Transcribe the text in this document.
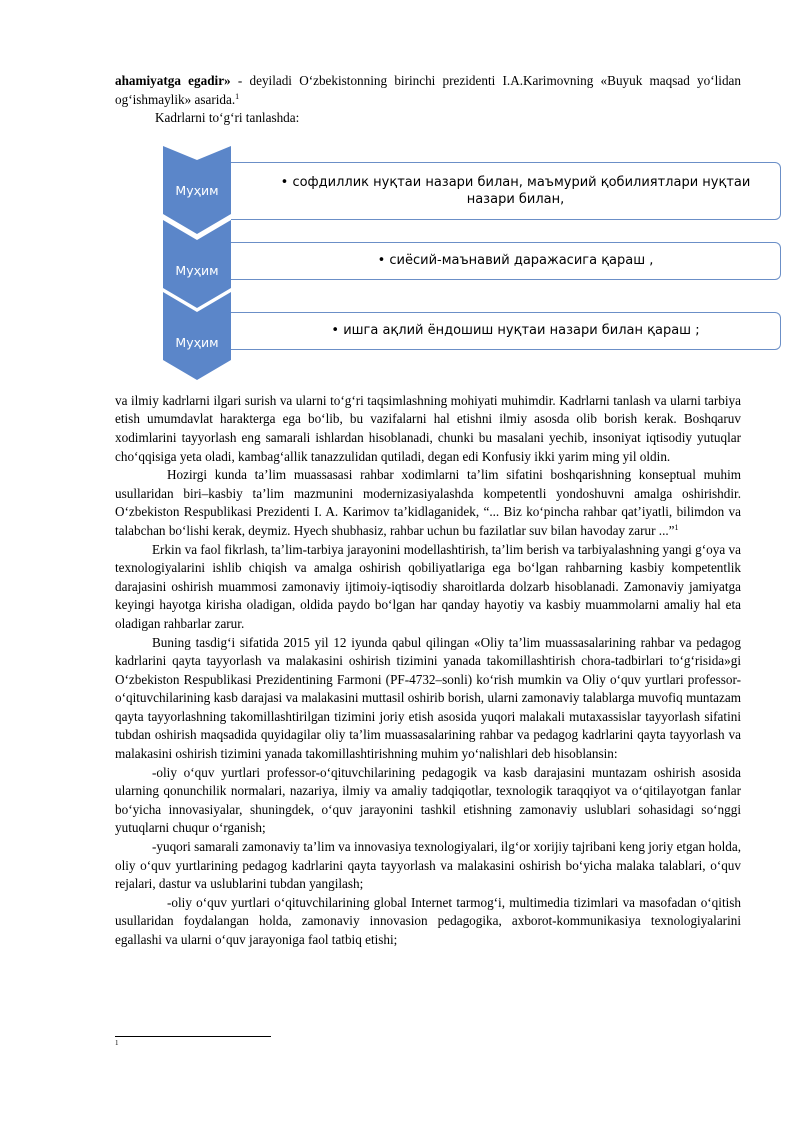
ahamiyatga egadir» - deyiladi O‘zbekistonning birinchi prezidenti I.A.Karimovning «Buyuk maqsad yo‘lidan og‘ishmaylik» asarida.$^1$

Kadrlarni to‘g‘ri tanlashda:

• софдиллик нуқтаи назари билан, маъмурий қобилиятлари нуқтаи назари билан,
Муҳим
• сиёсий-маънавий даражасига қараш ,
Муҳим
• ишга ақлий ёндошиш нуқтаи назари билан қараш ;
Муҳим

va ilmiy kadrlarni ilgari surish va ularni to‘g‘ri taqsimlashning mohiyati muhimdir. Kadrlarni tanlash va ularni tarbiya etish umumdavlat harakterga ega bo‘lib, bu vazifalarni hal etishni ilmiy asosda olib borish kerak. Boshqaruv xodimlarini tayyorlash eng samarali ishlardan hisoblanadi, chunki bu masalani yechib, insoniyat iqtisodiy yutuqlar cho‘qqisiga yeta oladi, kambag‘allik tanazzulidan qutiladi, degan edi Konfusiy ikki yarim ming yil oldin.

Hozirgi kunda ta’lim muassasasi rahbar xodimlarni ta’lim sifatini boshqarishning konseptual muhim usullaridan biri–kasbiy ta’lim mazmunini modernizasiyalashda kompetentli yondoshuvni amalga oshirishdir. O‘zbekiston Respublikasi Prezidenti I. A. Karimov ta’kidlaganidek, “... Biz ko‘pincha rahbar qat’iyatli, bilimdon va talabchan bo‘lishi kerak, deymiz. Hyech shubhasiz, rahbar uchun bu fazilatlar suv bilan havoday zarur ...”$^1$

Erkin va faol fikrlash, ta’lim-tarbiya jarayonini modellashtirish, ta’lim berish va tarbiyalashning yangi g‘oya va texnologiyalarini ishlib chiqish va amalga oshirish qobiliyatlariga ega bo‘lgan rahbarning kasbiy kompetentlik darajasini oshirish muammosi zamonaviy ijtimoiy-iqtisodiy sharoitlarda dolzarb hisoblanadi. Zamonaviy jamiyatga keyingi hayotga kirisha oladigan, oldida paydo bo‘lgan har qanday hayotiy va kasbiy muammolarni amaliy hal eta oladigan rahbarlar zarur.

Buning tasdig‘i sifatida 2015 yil 12 iyunda qabul qilingan «Oliy ta’lim muassasalarining rahbar va pedagog kadrlarini qayta tayyorlash va malakasini oshirish tizimini yanada takomillashtirish chora-tadbirlari to‘g‘risida»gi O‘zbekiston Respublikasi Prezidentining Farmoni (PF-4732–sonli) ko‘rish mumkin va Oliy o‘quv yurtlari professor-o‘qituvchilarining kasb darajasi va malakasini muttasil oshirib borish, ularni zamonaviy talablarga muvofiq muntazam qayta tayyorlashning takomillashtirilgan tizimini joriy etish asosida yuqori malakali mutaxassislar tayyorlash sifatini tubdan oshirish maqsadida quyidagilar oliy ta’lim muassasalarining rahbar va pedagog kadrlarini qayta tayyorlash va malakasini oshirish tizimini yanada takomillashtirishning muhim yo‘nalishlari deb hisoblansin:

-oliy o‘quv yurtlari professor-o‘qituvchilarining pedagogik va kasb darajasini muntazam oshirish asosida ularning qonunchilik normalari, nazariya, ilmiy va amaliy tadqiqotlar, texnologik taraqqiyot va o‘qitilayotgan fanlar bo‘yicha innovasiyalar, shuningdek, o‘quv jarayonini tashkil etishning zamonaviy uslublari sohasidagi so‘nggi yutuqlarni chuqur o‘rganish;

-yuqori samarali zamonaviy ta’lim va innovasiya texnologiyalari, ilg‘or xorijiy tajribani keng joriy etgan holda, oliy o‘quv yurtlarining pedagog kadrlarini qayta tayyorlash va malakasini oshirish bo‘yicha malaka talablari, o‘quv rejalari, dastur va uslublarini tubdan yangilash;

-oliy o‘quv yurtlari o‘qituvchilarining global Internet tarmog‘i, multimedia tizimlari va masofadan o‘qitish usullaridan foydalangan holda, zamonaviy innovasion pedagogika, axborot-kommunikasiya texnologiyalarini egallashi va ularni o‘quv jarayoniga faol tatbiq etishi;

1
